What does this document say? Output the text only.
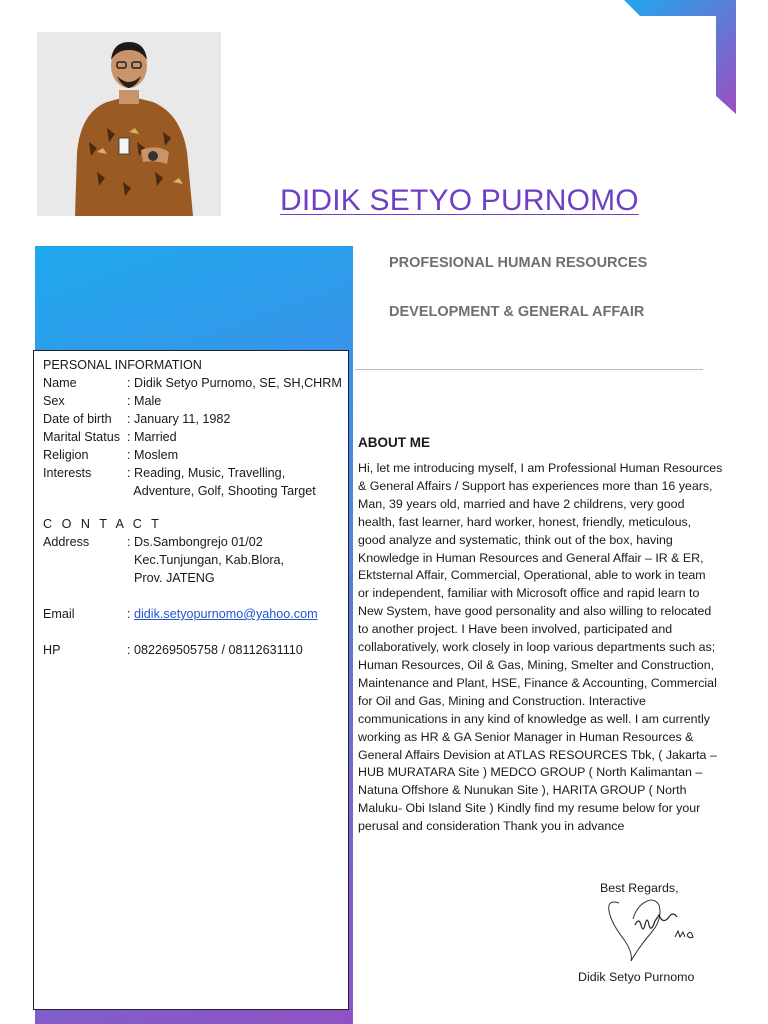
DIDIK SETYO PURNOMO
PROFESIONAL HUMAN RESOURCES
DEVELOPMENT & GENERAL AFFAIR
PERSONAL INFORMATION
Name	: Didik Setyo Purnomo, SE, SH,CHRM
Sex	: Male
Date of birth : January 11, 1982
Marital Status : Married
Religion	: Moslem
Interests	: Reading, Music, Travelling,
Adventure, Golf, Shooting Target
C O N T A C T
Address	: Ds.Sambongrejo 01/02
Kec.Tunjungan, Kab.Blora,
Prov. JATENG
Email	: didik.setyopurnomo@yahoo.com
HP	: 082269505758 / 08112631110
ABOUT ME

Hi, let me introducing myself, I am Professional Human Resources

& General Affairs / Support has experiences more than 16 years,

Man, 39 years old, married and have 2 childrens, very good

health, fast learner, hard worker, honest, friendly, meticulous,

good analyze and systematic, think out of the box, having

Knowledge in Human Resources and General Affair – IR & ER,

Ektsternal Affair, Commercial, Operational, able to work in team

or independent, familiar with Microsoft office and rapid learn to

New System, have good personality and also willing to relocated

to another project. I Have been involved, participated and

collaboratively, work closely in loop various departments such as;

Human Resources, Oil & Gas, Mining, Smelter and Construction,

Maintenance and Plant, HSE, Finance & Accounting, Commercial

for Oil and Gas, Mining and Construction. Interactive

communications in any kind of knowledge as well. I am currently

working as HR & GA Senior Manager in Human Resources &

General Affairs Devision at ATLAS RESOURCES Tbk, ( Jakarta –

HUB MURATARA Site ) MEDCO GROUP ( North Kalimantan –

Natuna Offshore & Nunukan Site ), HARITA GROUP ( North

Maluku- Obi Island Site ) Kindly find my resume below for your

perusal and consideration Thank you in advance

Best Regards,
Didik Setyo Purnomo
